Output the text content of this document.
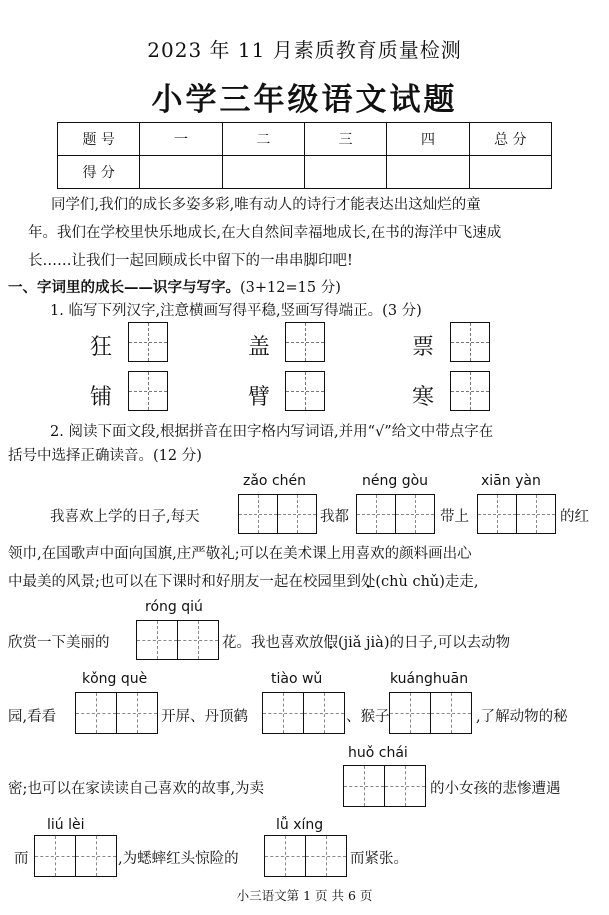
2023 年 11 月素质教育质量检测
小学三年级语文试题
题 号	一	二	三	四	总 分
得 分					
同学们,我们的成长多姿多彩,唯有动人的诗行才能表达出这灿烂的童
年。我们在学校里快乐地成长,在大自然间幸福地成长,在书的海洋中飞速成
长……让我们一起回顾成长中留下的一串串脚印吧!
一、字词里的成长——识字与写字。(3+12=15 分)
1. 临写下列汉字,注意横画写得平稳,竖画写得端正。(3 分)
狂	盖	票
铺	臂	寒
2. 阅读下面文段,根据拼音在田字格内写词语,并用“√”给文中带点字在
括号中选择正确读音。(12 分)
zǎo chén	néng gòu	xiān yàn
我喜欢上学的日子,每天	我都	带上	的红
领巾,在国歌声中面向国旗,庄严敬礼;可以在美术课上用喜欢的颜料画出心
中最美的风景;也可以在下课时和好朋友一起在校园里到处(chù chǔ)走走,
róng qiú
欣赏一下美丽的	花。我也喜欢放假(jiǎ jià)的日子,可以去动物
kǒng què	tiào wǔ	kuánghuān
园,看看	开屏、丹顶鹤	、猴子	,了解动物的秘
huǒ chái
密;也可以在家读读自己喜欢的故事,为卖	的小女孩的悲惨遭遇
liú lèi	lǚ xíng
而	,为蟋蟀红头惊险的	而紧张。
小三语文第 1 页 共 6 页
